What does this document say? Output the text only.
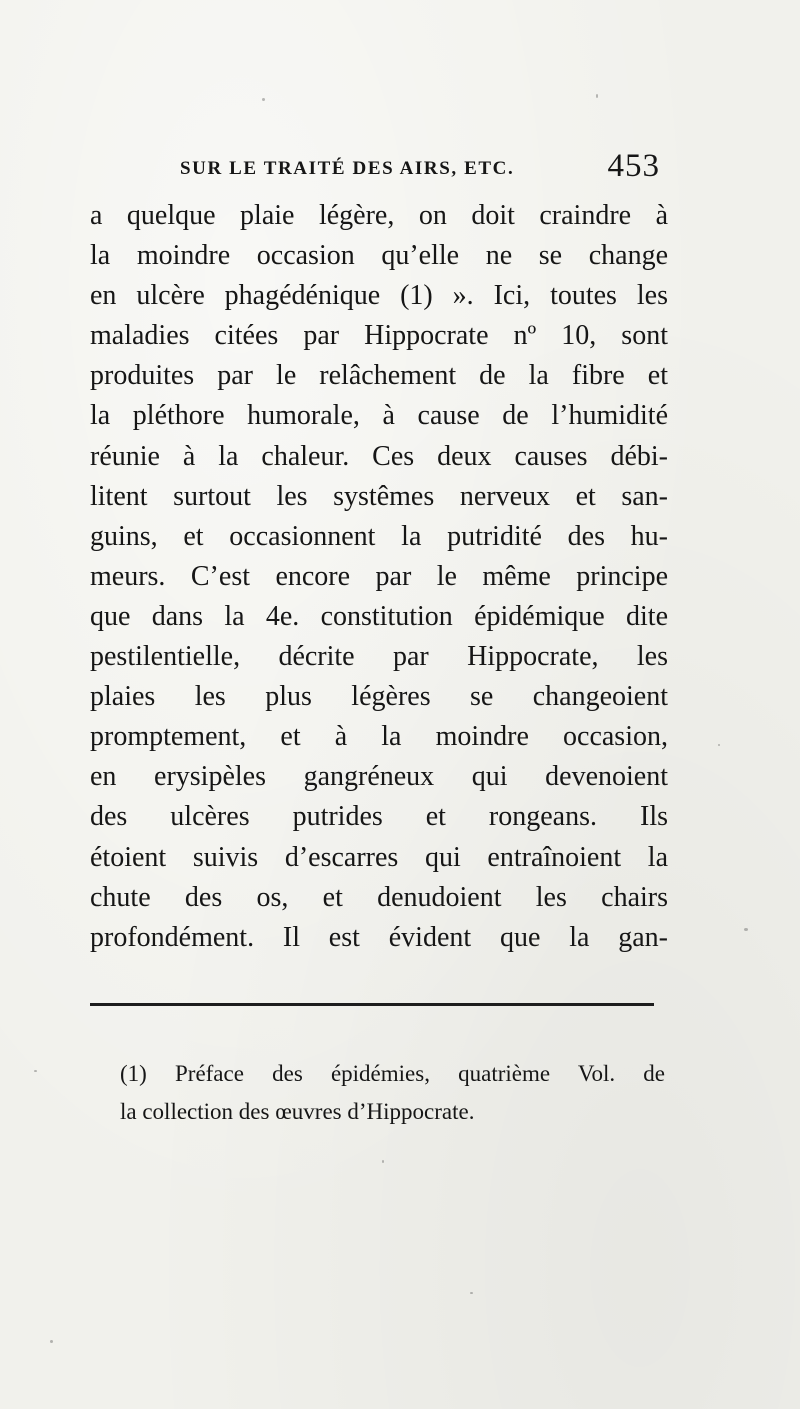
SUR LE TRAITÉ DES AIRS, ETC.	453
a quelque plaie légère, on doit craindre à
la moindre occasion qu’elle ne se change
en ulcère phagédénique (1) ». Ici, toutes les
maladies citées par Hippocrate nº 10, sont
produites par le relâchement de la fibre et
la pléthore humorale, à cause de l’humidité
réunie à la chaleur. Ces deux causes débi-
litent surtout les systêmes nerveux et san-
guins, et occasionnent la putridité des hu-
meurs. C’est encore par le même principe
que dans la 4e. constitution épidémique dite
pestilentielle, décrite par Hippocrate, les
plaies les plus légères se changeoient
promptement, et à la moindre occasion,
en erysipèles gangréneux qui devenoient
des ulcères putrides et rongeans. Ils
étoient suivis d’escarres qui entraînoient la
chute des os, et denudoient les chairs
profondément. Il est évident que la gan-
(1) Préface des épidémies, quatrième Vol. de
la collection des œuvres d’Hippocrate.
